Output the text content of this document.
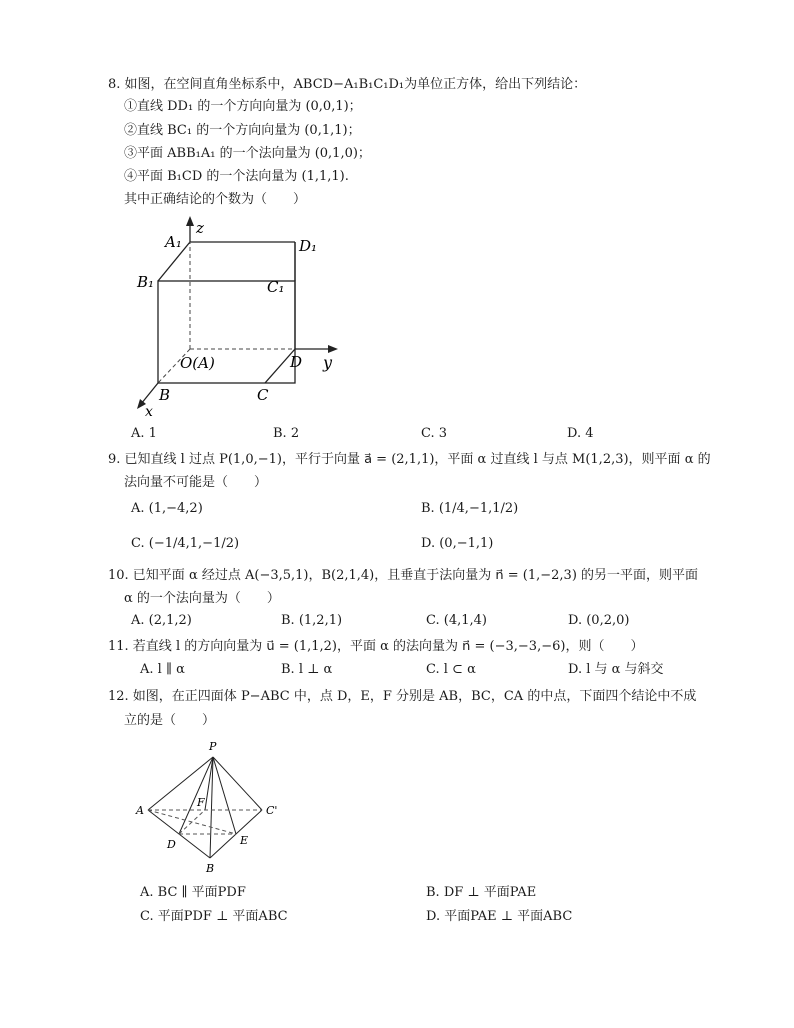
8. 如图，在空间直角坐标系中，ABCD−A₁B₁C₁D₁为单位正方体，给出下列结论：
①直线 DD₁ 的一个方向向量为 (0,0,1)；
②直线 BC₁ 的一个方向向量为 (0,1,1)；
③平面 ABB₁A₁ 的一个法向量为 (0,1,0)；
④平面 B₁CD 的一个法向量为 (1,1,1).
其中正确结论的个数为（　　）
A₁
z
D₁
B₁	C₁
O(A)	D y
B	C
x
A. 1	B. 2	C. 3	D. 4
9. 已知直线 l 过点 P(1,0,−1)，平行于向量 a⃗ = (2,1,1)，平面 α 过直线 l 与点 M(1,2,3)，则平面 α 的
法向量不可能是（　　）
A. (1,−4,2)	B. (1/4,−1,1/2)
C. (−1/4,1,−1/2)	D. (0,−1,1)
10. 已知平面 α 经过点 A(−3,5,1)，B(2,1,4)，且垂直于法向量为 n⃗ = (1,−2,3) 的另一平面，则平面
α 的一个法向量为（　　）
A. (2,1,2)	B. (1,2,1)	C. (4,1,4)	D. (0,2,0)
11. 若直线 l 的方向向量为 u⃗ = (1,1,2)，平面 α 的法向量为 n⃗ = (−3,−3,−6)，则（　　）
A. l ∥ α	B. l ⊥ α	C. l ⊂ α	D. l 与 α 与斜交
12. 如图，在正四面体 P−ABC 中，点 D，E，F 分别是 AB，BC，CA 的中点，下面四个结论中不成
立的是（　　）
P
A
F
C'
D	E
B
A. BC ∥ 平面PDF	B. DF ⊥ 平面PAE
C. 平面PDF ⊥ 平面ABC	D. 平面PAE ⊥ 平面ABC
